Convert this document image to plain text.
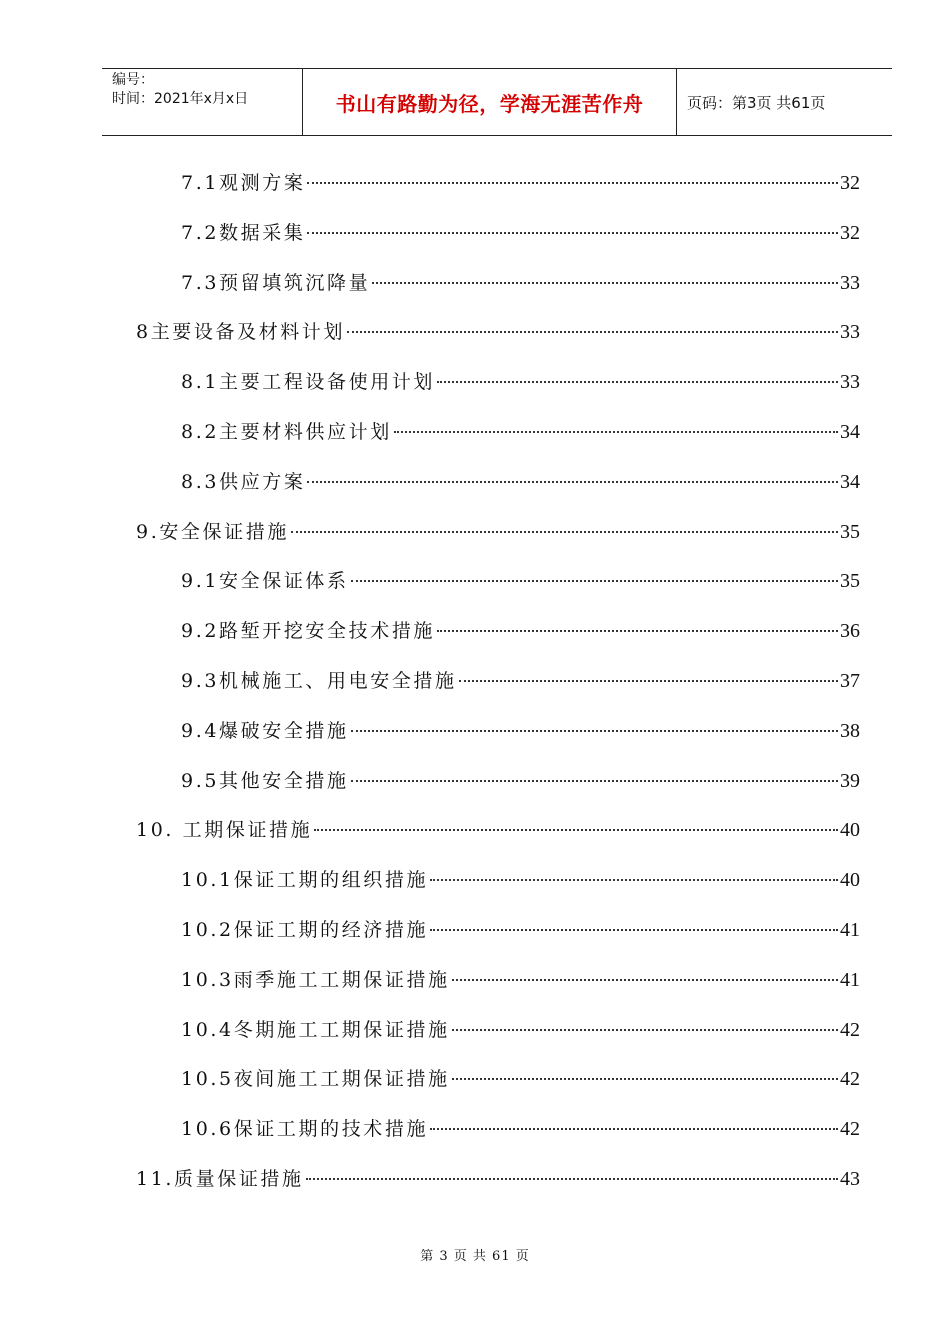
编号：
时间：2021年x月x日	书山有路勤为径，学海无涯苦作舟	页码：第3页 共61页
7.1观测方案	32
7.2数据采集	32
7.3预留填筑沉降量	33
8主要设备及材料计划	33
8.1主要工程设备使用计划	33
8.2主要材料供应计划	34
8.3供应方案	34
9.安全保证措施	35
9.1安全保证体系	35
9.2路堑开挖安全技术措施	36
9.3机械施工、用电安全措施	37
9.4爆破安全措施	38
9.5其他安全措施	39
10. 工期保证措施	40
10.1保证工期的组织措施	40
10.2保证工期的经济措施	41
10.3雨季施工工期保证措施	41
10.4冬期施工工期保证措施	42
10.5夜间施工工期保证措施	42
10.6保证工期的技术措施	42
11.质量保证措施	43
第 3 页 共 61 页
